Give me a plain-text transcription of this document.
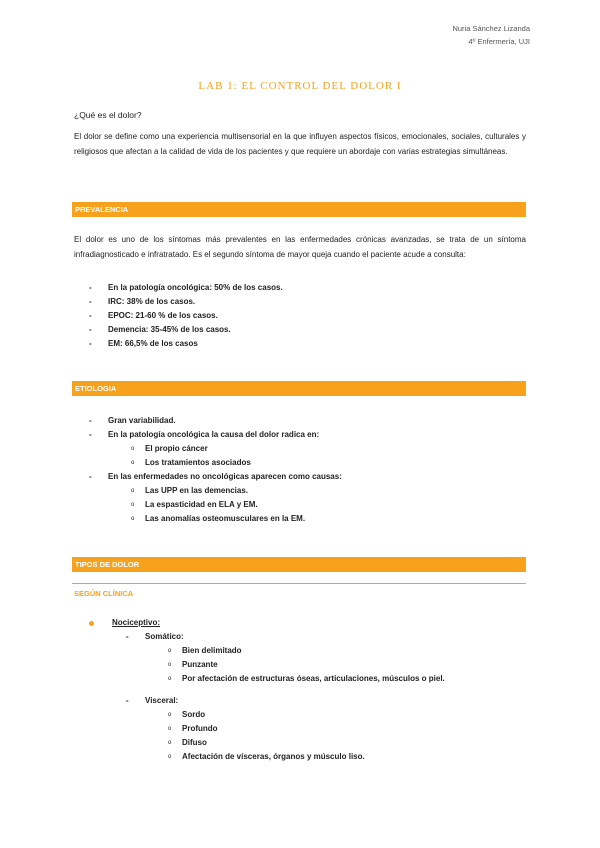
Nuria Sánchez Lizanda
4º Enfermería, UJI
LAB 1: EL CONTROL DEL DOLOR I
¿Qué es el dolor?
El dolor se define como una experiencia multisensorial en la que influyen aspectos físicos, emocionales, sociales, culturales y religiosos que afectan a la calidad de vida de los pacientes y que requiere un abordaje con varias estrategias simultáneas.
PREVALENCIA
El dolor es uno de los síntomas más prevalentes en las enfermedades crónicas avanzadas, se trata de un síntoma infradiagnosticado e infratratado. Es el segundo síntoma de mayor queja cuando el paciente acude a consulta:
- En la patología oncológica: 50% de los casos.
- IRC: 38% de los casos.
- EPOC: 21-60 % de los casos.
- Demencia: 35-45% de los casos.
- EM: 66,5% de los casos
ETIOLOGIA
- Gran variabilidad.
- En la patología oncológica la causa del dolor radica en:
o El propio cáncer
o Los tratamientos asociados
- En las enfermedades no oncológicas aparecen como causas:
o Las UPP en las demencias.
o La espasticidad en ELA y EM.
o Las anomalías osteomusculares en la EM.
TIPOS DE DOLOR
SEGÚN CLÍNICA
Nociceptivo:
- Somático:
o Bien delimitado
o Punzante
o Por afectación de estructuras óseas, articulaciones, músculos o piel.
- Visceral:
o Sordo
o Profundo
o Difuso
o Afectación de vísceras, órganos y músculo liso.
